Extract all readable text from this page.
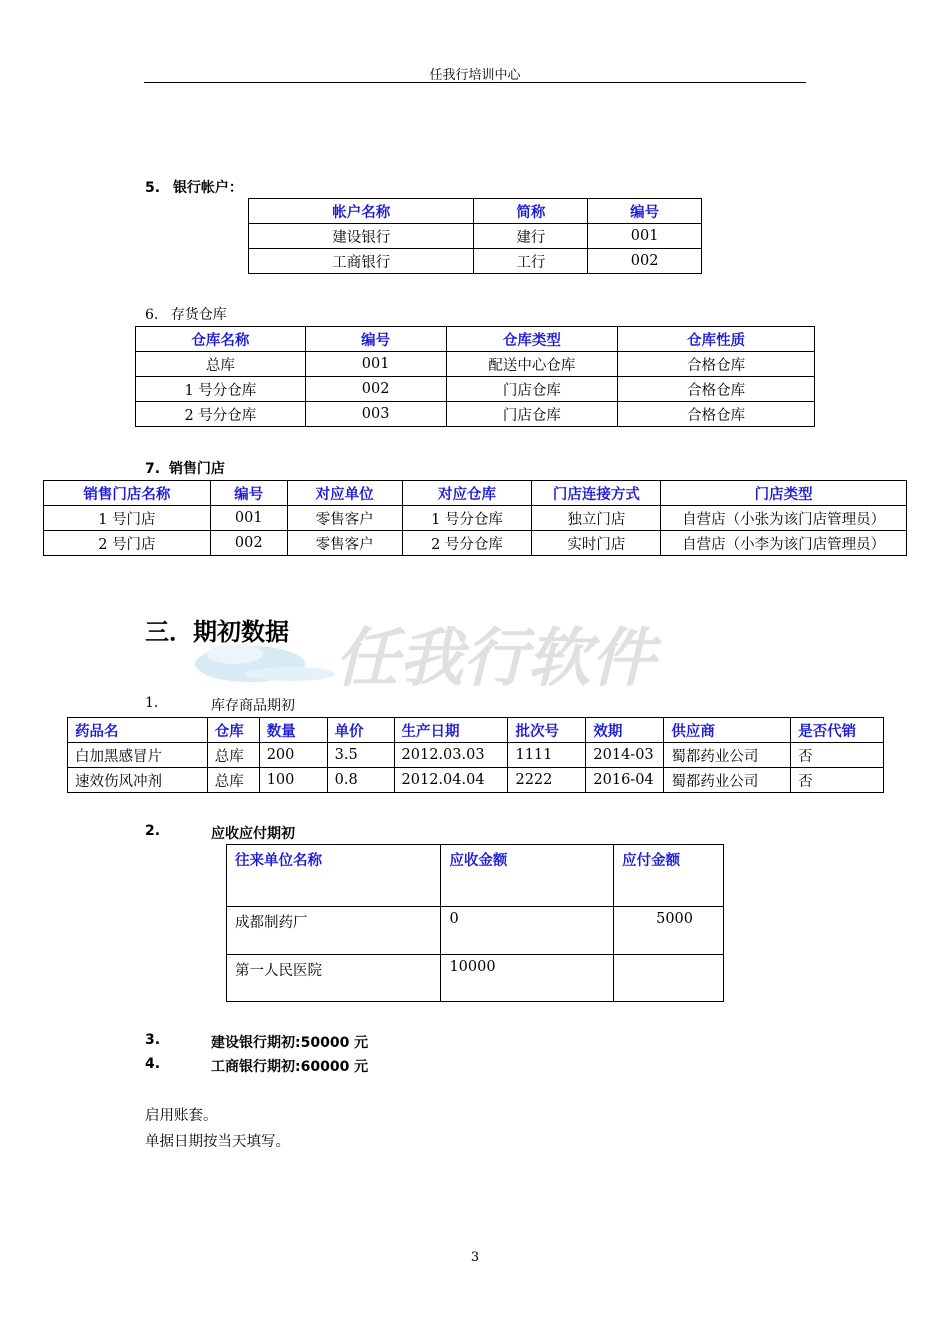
任我行培训中心
5. 银行帐户：
帐户名称	简称	编号
建设银行	建行	001
工商银行	工行	002
6. 存货仓库
仓库名称	编号	仓库类型	仓库性质
总库	001	配送中心仓库	合格仓库
1 号分仓库	002	门店仓库	合格仓库
2 号分仓库	003	门店仓库	合格仓库
7. 销售门店
销售门店名称	编号	对应单位	对应仓库	门店连接方式	门店类型
1 号门店	001	零售客户	1 号分仓库	独立门店	自营店（小张为该门店管理员）
2 号门店	002	零售客户	2 号分仓库	实时门店	自营店（小李为该门店管理员）
三．期初数据 任我行软件
1.	库存商品期初
药品名	仓库	数量	单价	生产日期	批次号	效期	供应商	是否代销
白加黑感冒片	总库	200	3.5	2012.03.03	1111	2014-03	蜀都药业公司	否
速效伤风冲剂	总库	100	0.8	2012.04.04	2222	2016-04	蜀都药业公司	否
2.	应收应付期初
往来单位名称	应收金额	应付金额
成都制药厂	0	5000
第一人民医院	10000	
3.	建设银行期初:50000 元
4.	工商银行期初:60000 元
启用账套。
单据日期按当天填写。
3
